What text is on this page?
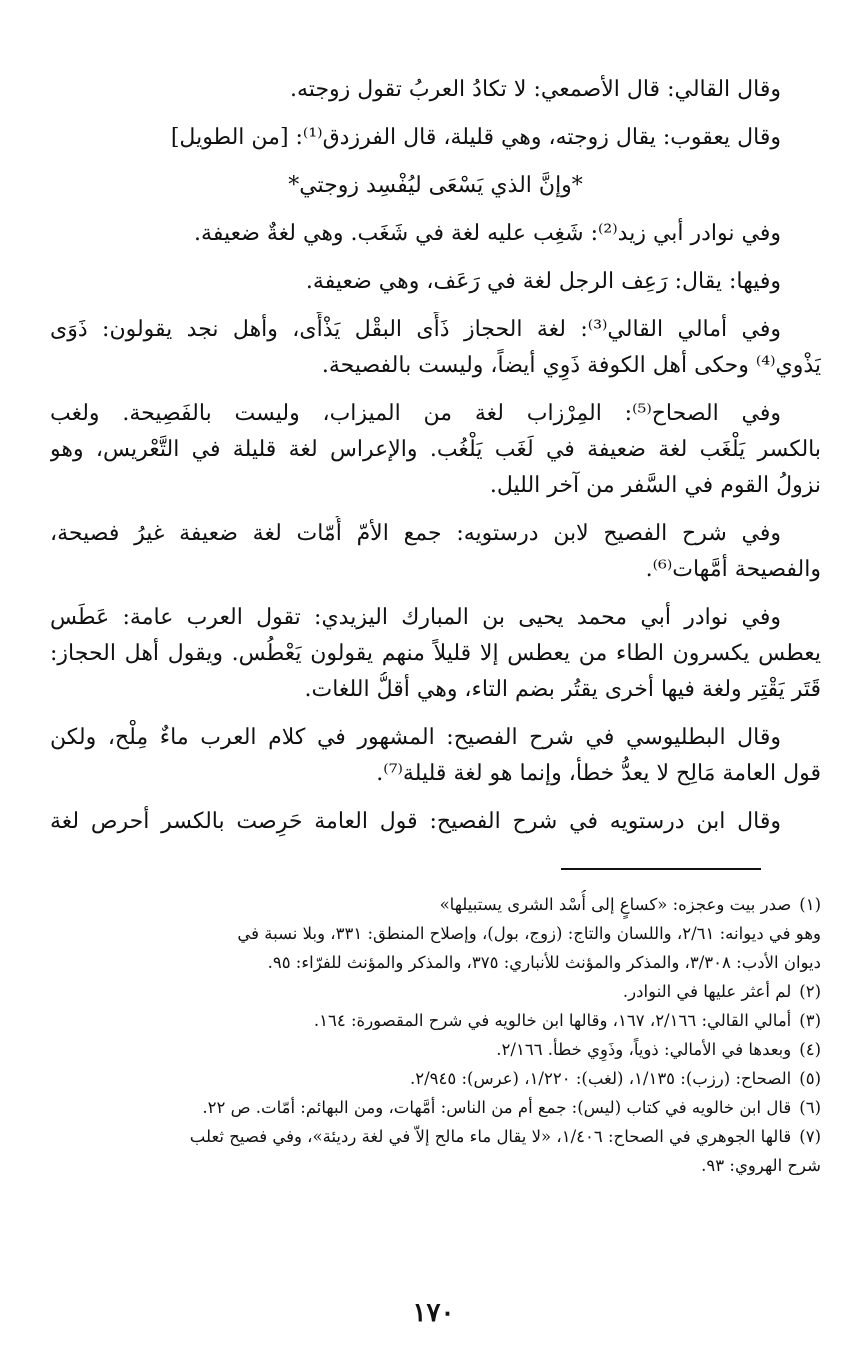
وقال القالي: قال الأصمعي: لا تكادُ العربُ تقول زوجته.

وقال يعقوب: يقال زوجته، وهي قليلة، قال الفرزدق⁽¹⁾: [من الطويل]

*وإنَّ الذي يَسْعَى ليُفْسِد زوجتي*

وفي نوادر أبي زيد⁽²⁾: شَغِب عليه لغة في شَغَب. وهي لغةٌ ضعيفة.

وفيها: يقال: رَعِف الرجل لغة في رَعَف، وهي ضعيفة.

وفي أمالي القالي⁽³⁾: لغة الحجاز ذَأَى البقْل يَذْأَى، وأهل نجد يقولون: ذَوَى
يَذْوي⁽⁴⁾ وحكى أهل الكوفة ذَوِي أيضاً، وليست بالفصيحة.

وفي الصحاح⁽⁵⁾: المِرْزاب لغة من الميزاب، وليست بالفَصِيحة. ولغب
بالكسر يَلْغَب لغة ضعيفة في لَغَب يَلْغُب. والإعراس لغة قليلة في التَّعْريس، وهو
نزولُ القوم في السَّفر من آخر الليل.

وفي شرح الفصيح لابن درستويه: جمع الأمّ أُمّات لغة ضعيفة غيرُ فصيحة،
والفصيحة أمَّهات⁽⁶⁾.

وفي نوادر أبي محمد يحيى بن المبارك اليزيدي: تقول العرب عامة: عَطَس
يعطس يكسرون الطاء من يعطس إلا قليلاً منهم يقولون يَعْطُس. ويقول أهل الحجاز:
قَتَر يَقْتِر ولغة فيها أخرى يقتُر بضم التاء، وهي أقلُّ اللغات.

وقال البطليوسي في شرح الفصيح: المشهور في كلام العرب ماءٌ مِلْح، ولكن
قول العامة مَالِح لا يعدُّ خطأ، وإنما هو لغة قليلة⁽⁷⁾.

وقال ابن درستويه في شرح الفصيح: قول العامة حَرِصت بالكسر أحرص لغة

(١)صدر بيت وعجزه: «كساعٍ إلى أُسْد الشرى يستبيلها»
وهو في ديوانه: ٢/٦١، واللسان والتاج: (زوج، بول)، وإصلاح المنطق: ٣٣١، وبلا نسبة في
ديوان الأدب: ٣/٣٠٨، والمذكر والمؤنث للأنباري: ٣٧٥، والمذكر والمؤنث للفرّاء: ٩٥.

(٢)لم أعثر عليها في النوادر.

(٣)أمالي القالي: ٢/١٦٦، ١٦٧، وقالها ابن خالويه في شرح المقصورة: ١٦٤.

(٤)وبعدها في الأمالي: ذوياً، وذَوِي خطأ. ٢/١٦٦.

(٥)الصحاح: (رزب): ١/١٣٥، (لغب): ١/٢٢٠، (عرس): ٢/٩٤٥.

(٦)قال ابن خالويه في كتاب (ليس): جمع أم من الناس: أمَّهات، ومن البهائم: أمّات. ص ٢٢.

(٧)قالها الجوهري في الصحاح: ١/٤٠٦، «لا يقال ماء مالح إلاّ في لغة رديئة»، وفي فصيح ثعلب
شرح الهروي: ٩٣.

١٧٠
